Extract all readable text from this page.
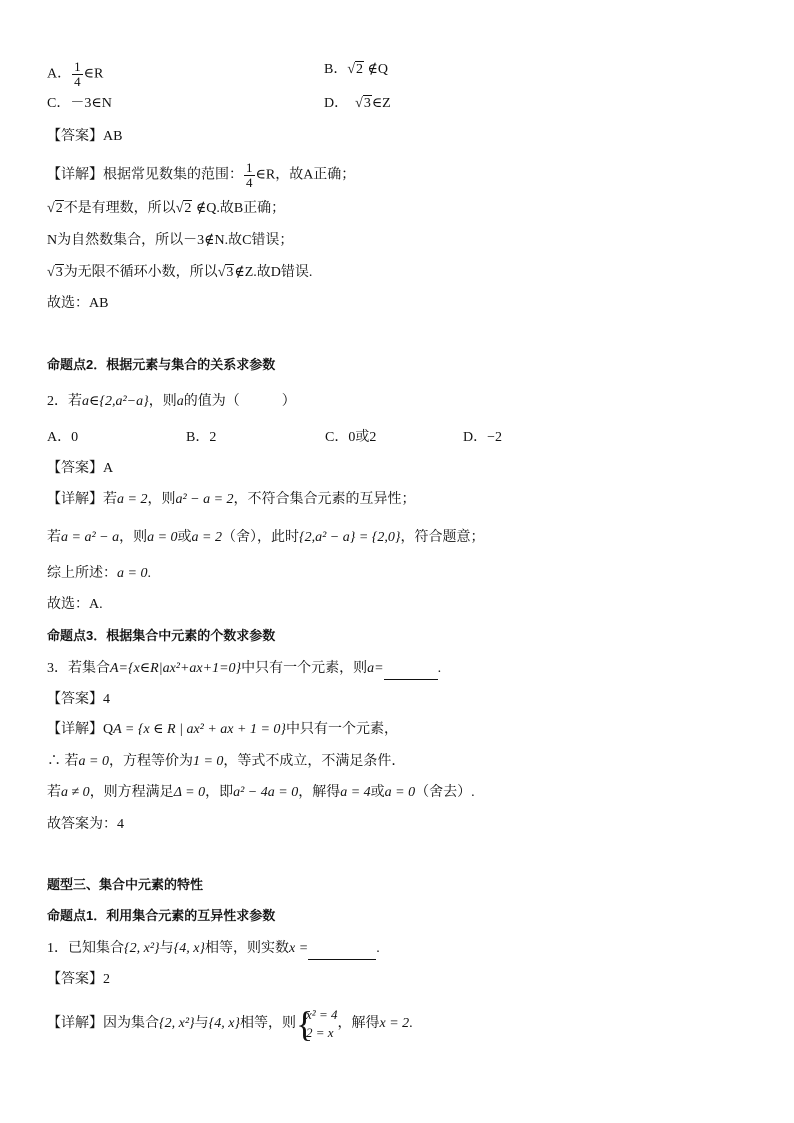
A． $\frac{1}{4}$ ∈R	B．√2 ∉Q
C．－3∈N	D．  √3∈Z
【答案】AB
【详解】根据常见数集的范围： $\frac{1}{4}$ ∈R，故A正确；
√2不是有理数，所以√2 ∉Q.故B正确；
N为自然数集合，所以－3∉N.故C错误；
√3为无限不循环小数，所以√3∉Z.故D错误.
故选：AB
命题点2．根据元素与集合的关系求参数
2．若a∈{2,a²−a}，则a的值为（　　　）
A．0	B．2	C．0或2	D．−2
【答案】A
【详解】若a = 2，则a² − a = 2，不符合集合元素的互异性；
若a = a² − a，则a = 0或a = 2（舍），此时{2,a² − a} = {2,0}，符合题意；
综上所述：a = 0.
故选：A.
命题点3．根据集合中元素的个数求参数
3．若集合A={x∈R|ax²+ax+1=0}中只有一个元素，则a=	.
【答案】4
【详解】QA = {x ∈ R | ax² + ax + 1 = 0}中只有一个元素，
∴ 若a = 0，方程等价为1 = 0，等式不成立，不满足条件．
若a ≠ 0，则方程满足Δ = 0，即a² − 4a = 0，解得a = 4或a = 0（舍去）.
故答案为：4
题型三、集合中元素的特性
命题点1．利用集合元素的互异性求参数
1．已知集合{2, x²}与{4, x}相等，则实数x =	.
【答案】2
【详解】因为集合{2, x²}与{4, x}相等，则 {
x² = 4
2 = x
，解得x = 2.
